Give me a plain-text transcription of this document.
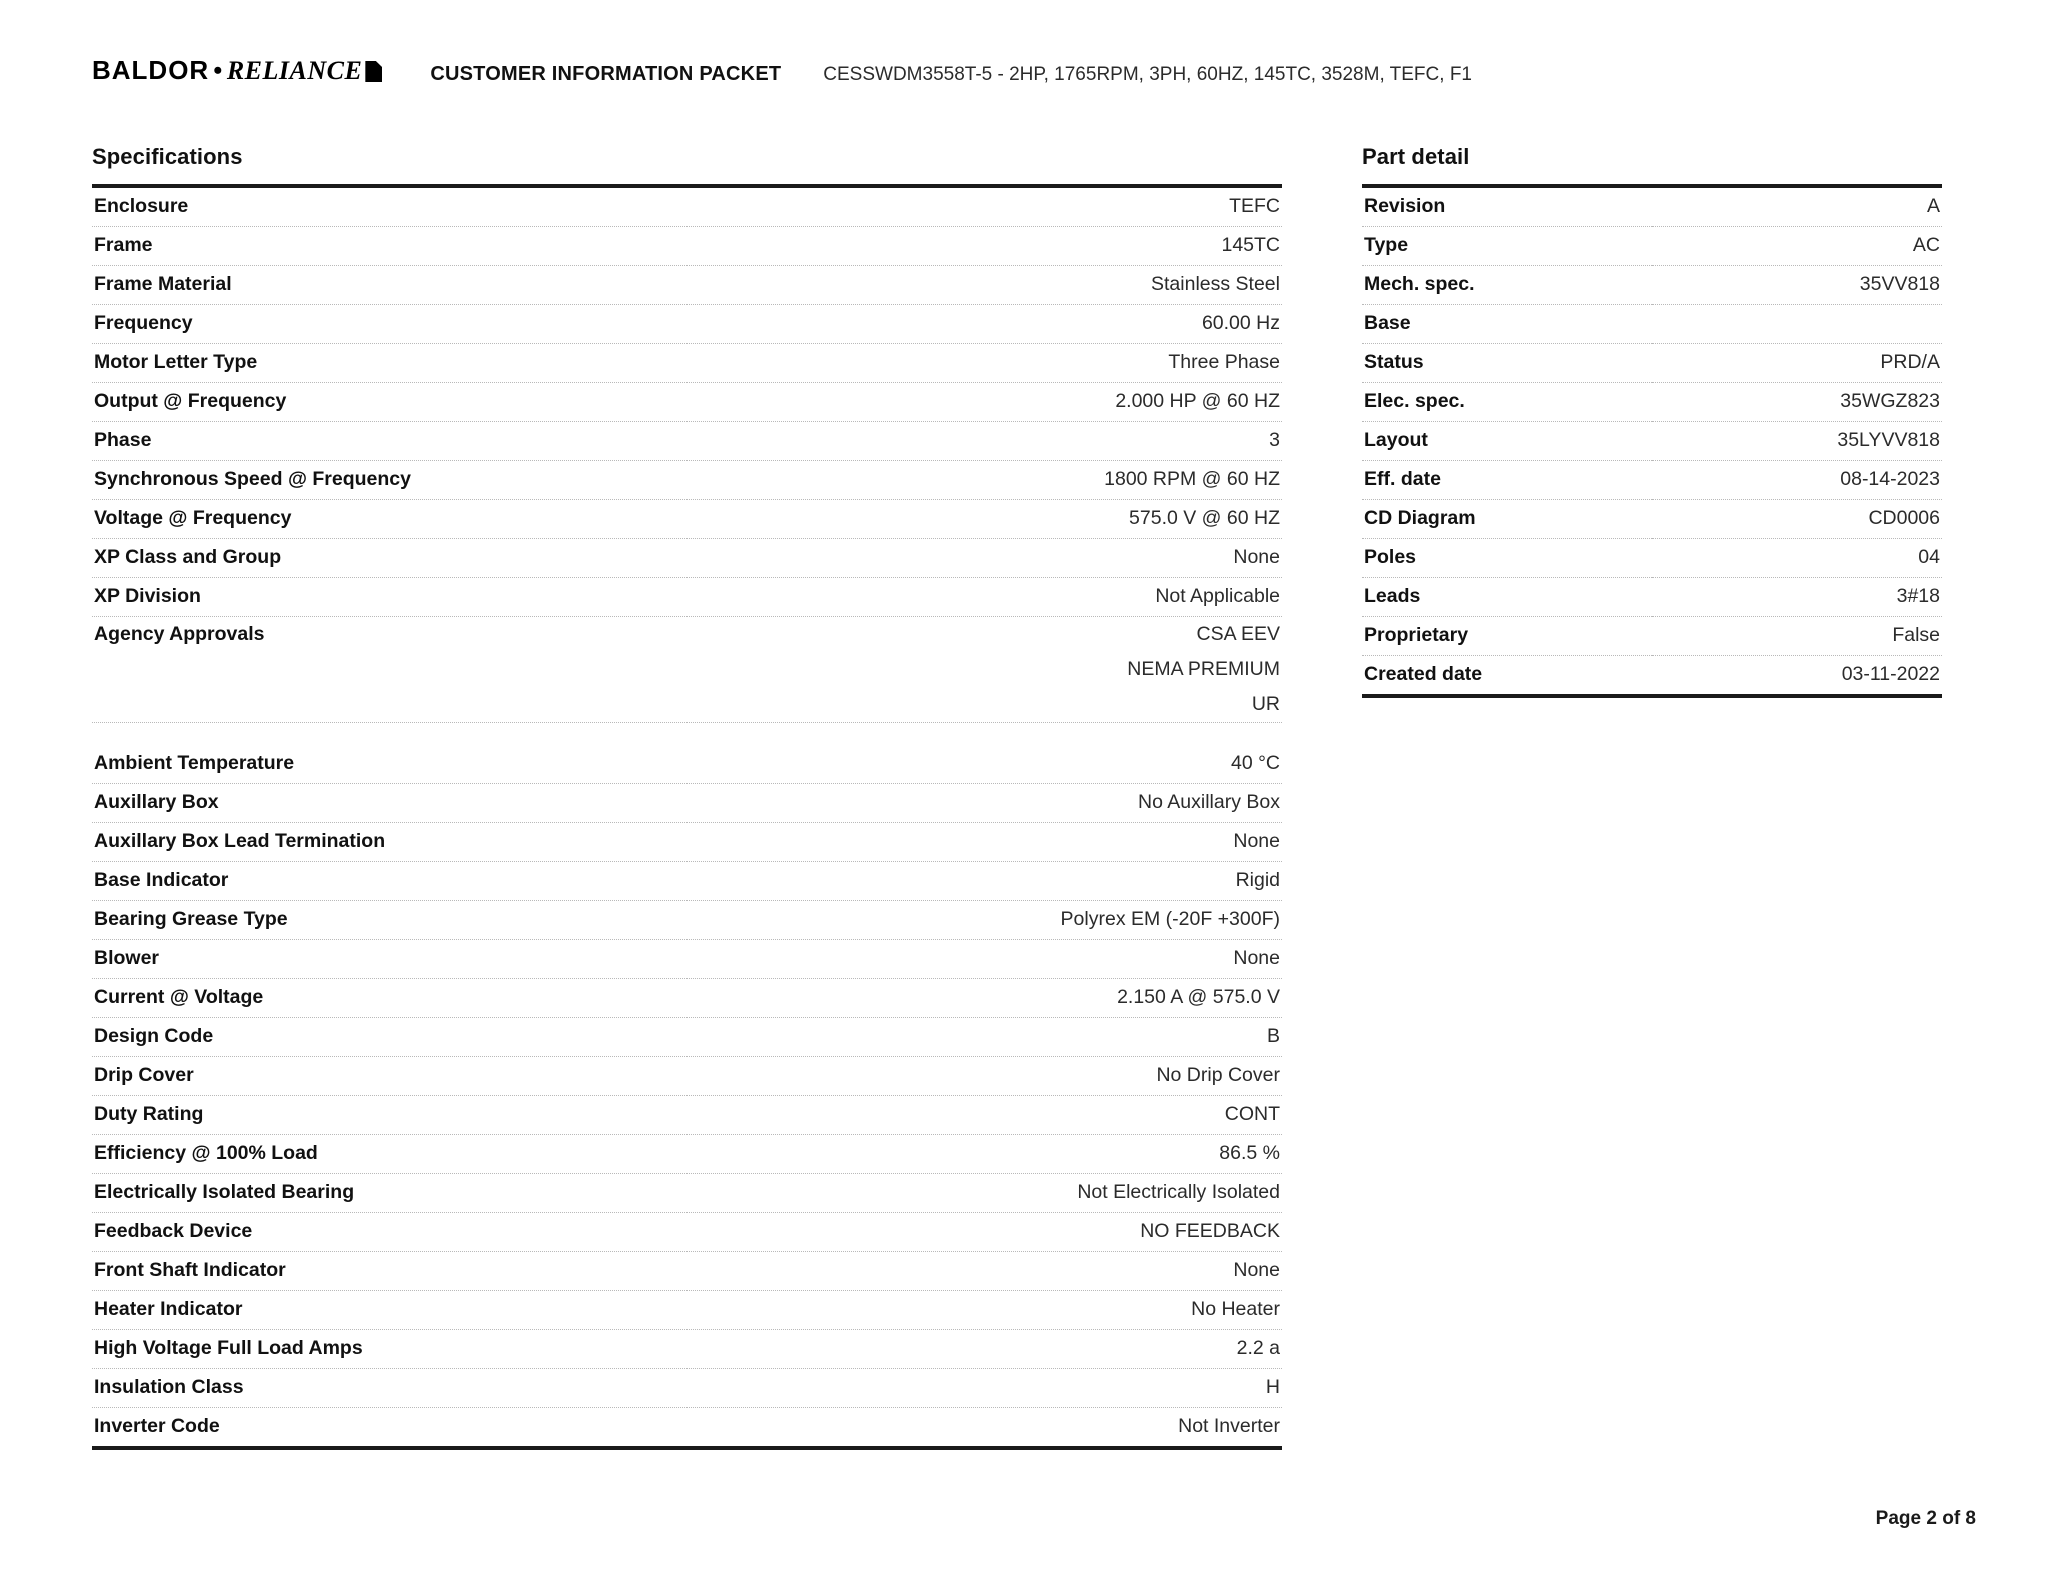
BALDOR • RELIANCE	CUSTOMER INFORMATION PACKET CESSWDM3558T-5 - 2HP, 1765RPM, 3PH, 60HZ, 145TC, 3528M, TEFC, F1
Specifications

Enclosure	TEFC
Frame	145TC
Frame Material	Stainless Steel
Frequency	60.00 Hz
Motor Letter Type	Three Phase
Output @ Frequency	2.000 HP @ 60 HZ
Phase	3
Synchronous Speed @ Frequency	1800 RPM @ 60 HZ
Voltage @ Frequency	575.0 V @ 60 HZ
XP Class and Group	None
XP Division	Not Applicable
Agency Approvals	CSA EEV
	NEMA PREMIUM
	UR

Ambient Temperature	40 °C
Auxillary Box	No Auxillary Box
Auxillary Box Lead Termination	None
Base Indicator	Rigid
Bearing Grease Type	Polyrex EM (-20F +300F)
Blower	None
Current @ Voltage	2.150 A @ 575.0 V
Design Code	B
Drip Cover	No Drip Cover
Duty Rating	CONT
Efficiency @ 100% Load	86.5 %
Electrically Isolated Bearing	Not Electrically Isolated
Feedback Device	NO FEEDBACK
Front Shaft Indicator	None
Heater Indicator	No Heater
High Voltage Full Load Amps	2.2 a
Insulation Class	H
Inverter Code	Not Inverter

Part detail

Revision	A
Type	AC
Mech. spec.	35VV818
Base	
Status	PRD/A
Elec. spec.	35WGZ823
Layout	35LYVV818
Eff. date	08-14-2023
CD Diagram	CD0006
Poles	04
Leads	3#18
Proprietary	False
Created date	03-11-2022

Page 2 of 8
